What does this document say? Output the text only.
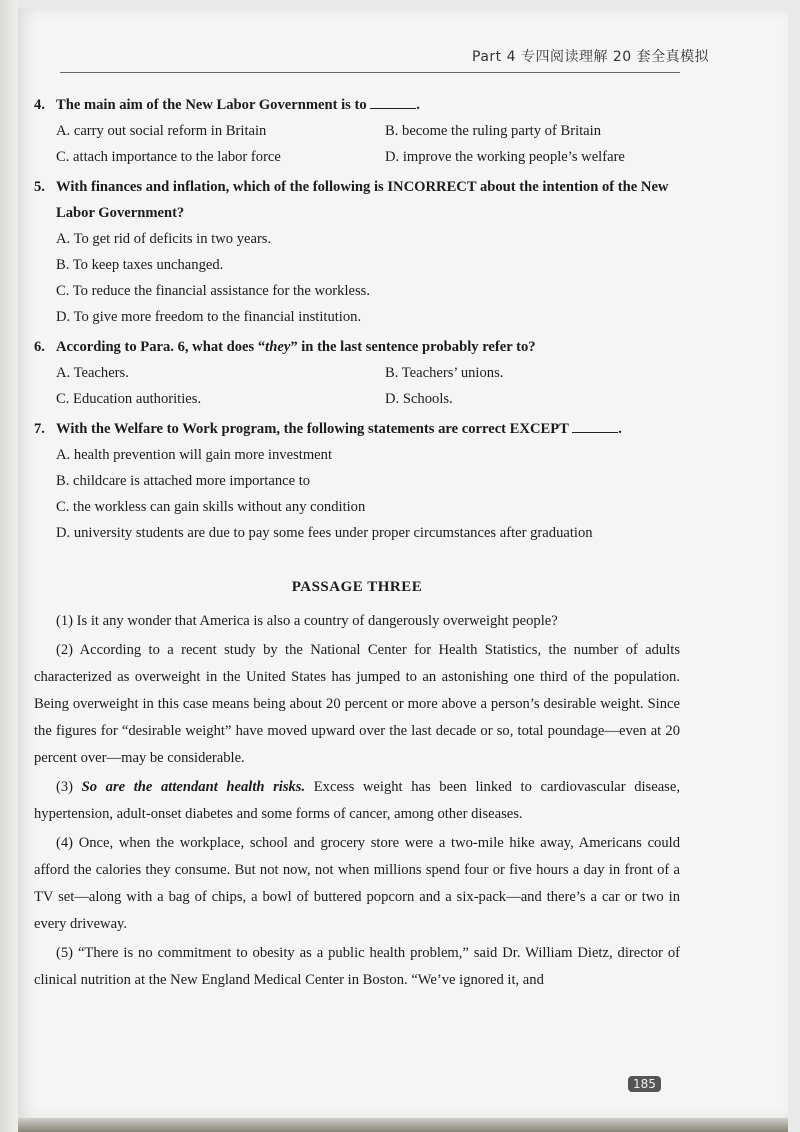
Part 4 专四阅读理解 20 套全真模拟
4. The main aim of the New Labor Government is to	.
A. carry out social reform in Britain	B. become the ruling party of Britain
C. attach importance to the labor force	D. improve the working people’s welfare
5. With finances and inflation, which of the following is INCORRECT about the intention of the New Labor Government?
A. To get rid of deficits in two years.
B. To keep taxes unchanged.
C. To reduce the financial assistance for the workless.
D. To give more freedom to the financial institution.
6. According to Para. 6, what does “they” in the last sentence probably refer to?
A. Teachers.	B. Teachers’ unions.
C. Education authorities.	D. Schools.
7. With the Welfare to Work program, the following statements are correct EXCEPT	.
A. health prevention will gain more investment
B. childcare is attached more importance to
C. the workless can gain skills without any condition
D. university students are due to pay some fees under proper circumstances after graduation
PASSAGE THREE

(1) Is it any wonder that America is also a country of dangerously overweight people?

(2) According to a recent study by the National Center for Health Statistics, the number of adults characterized as overweight in the United States has jumped to an astonishing one third of the population. Being overweight in this case means being about 20 percent or more above a person’s desirable weight. Since the figures for “desirable weight” have moved upward over the last decade or so, total poundage—even at 20 percent over—may be considerable.

(3) So are the attendant health risks. Excess weight has been linked to cardiovascular disease, hypertension, adult-onset diabetes and some forms of cancer, among other diseases.

(4) Once, when the workplace, school and grocery store were a two-mile hike away, Americans could afford the calories they consume. But not now, not when millions spend four or five hours a day in front of a TV set—along with a bag of chips, a bowl of buttered popcorn and a six-pack—and there’s a car or two in every driveway.

(5) “There is no commitment to obesity as a public health problem,” said Dr. William Dietz, director of clinical nutrition at the New England Medical Center in Boston. “We’ve ignored it, and

185
